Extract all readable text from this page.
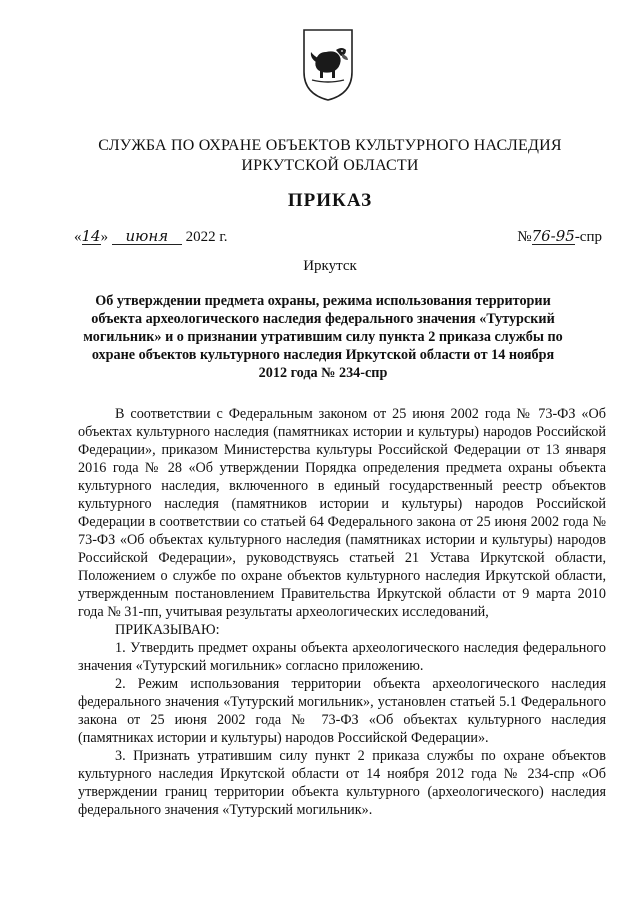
СЛУЖБА ПО ОХРАНЕ ОБЪЕКТОВ КУЛЬТУРНОГО НАСЛЕДИЯ
ИРКУТСКОЙ ОБЛАСТИ
ПРИКАЗ
«14» июня 2022 г.	№76-95-спр
Иркутск
Об утверждении предмета охраны, режима использования территории объекта археологического наследия федерального значения «Тутурский могильник» и о признании утратившим силу пункта 2 приказа службы по охране объектов культурного наследия Иркутской области от 14 ноября 2012 года № 234-спр

В соответствии с Федеральным законом от 25 июня 2002 года № 73-ФЗ «Об объектах культурного наследия (памятниках истории и культуры) народов Российской Федерации», приказом Министерства культуры Российской Федерации от 13 января 2016 года № 28 «Об утверждении Порядка определения предмета охраны объекта культурного наследия, включенного в единый государственный реестр объектов культурного наследия (памятников истории и культуры) народов Российской Федерации в соответствии со статьей 64 Федерального закона от 25 июня 2002 года № 73-ФЗ «Об объектах культурного наследия (памятниках истории и культуры) народов Российской Федерации», руководствуясь статьей 21 Устава Иркутской области, Положением о службе по охране объектов культурного наследия Иркутской области, утвержденным постановлением Правительства Иркутской области от 9 марта 2010 года № 31-пп, учитывая результаты археологических исследований,

ПРИКАЗЫВАЮ:

1. Утвердить предмет охраны объекта археологического наследия федерального значения «Тутурский могильник» согласно приложению.

2. Режим использования территории объекта археологического наследия федерального значения «Тутурский могильник», установлен статьей 5.1 Федерального закона от 25 июня 2002 года № 73-ФЗ «Об объектах культурного наследия (памятниках истории и культуры) народов Российской Федерации».

3. Признать утратившим силу пункт 2 приказа службы по охране объектов культурного наследия Иркутской области от 14 ноября 2012 года № 234-спр «Об утверждении границ территории объекта культурного (археологического) наследия федерального значения «Тутурский могильник».
